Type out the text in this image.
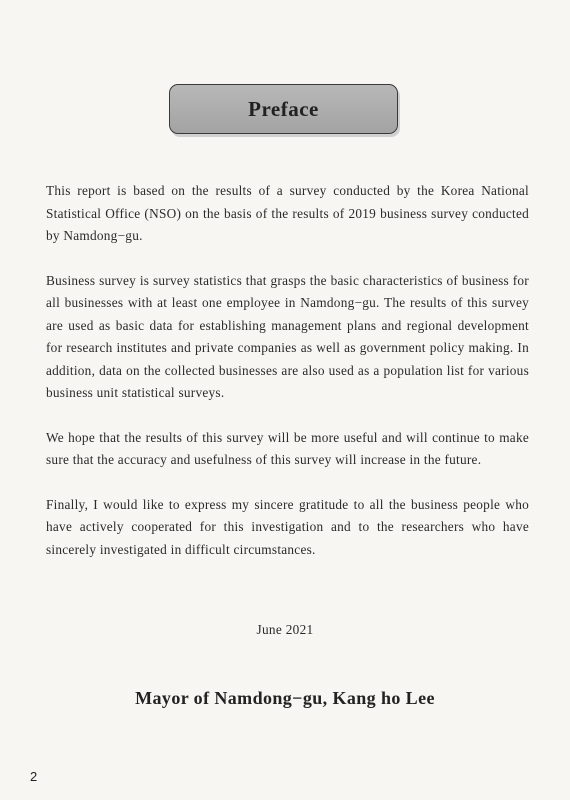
Preface

This report is based on the results of a survey conducted by the Korea National Statistical Office (NSO) on the basis of the results of 2019 business survey conducted by Namdong−gu.

Business survey is survey statistics that grasps the basic characteristics of business for all businesses with at least one employee in Namdong−gu. The results of this survey are used as basic data for establishing management plans and regional development for research institutes and private companies as well as government policy making. In addition, data on the collected businesses are also used as a population list for various business unit statistical surveys.

We hope that the results of this survey will be more useful and will continue to make sure that the accuracy and usefulness of this survey will increase in the future.

Finally, I would like to express my sincere gratitude to all the business people who have actively cooperated for this investigation and to the researchers who have sincerely investigated in difficult circumstances.

June 2021
Mayor of Namdong−gu, Kang ho Lee
2
